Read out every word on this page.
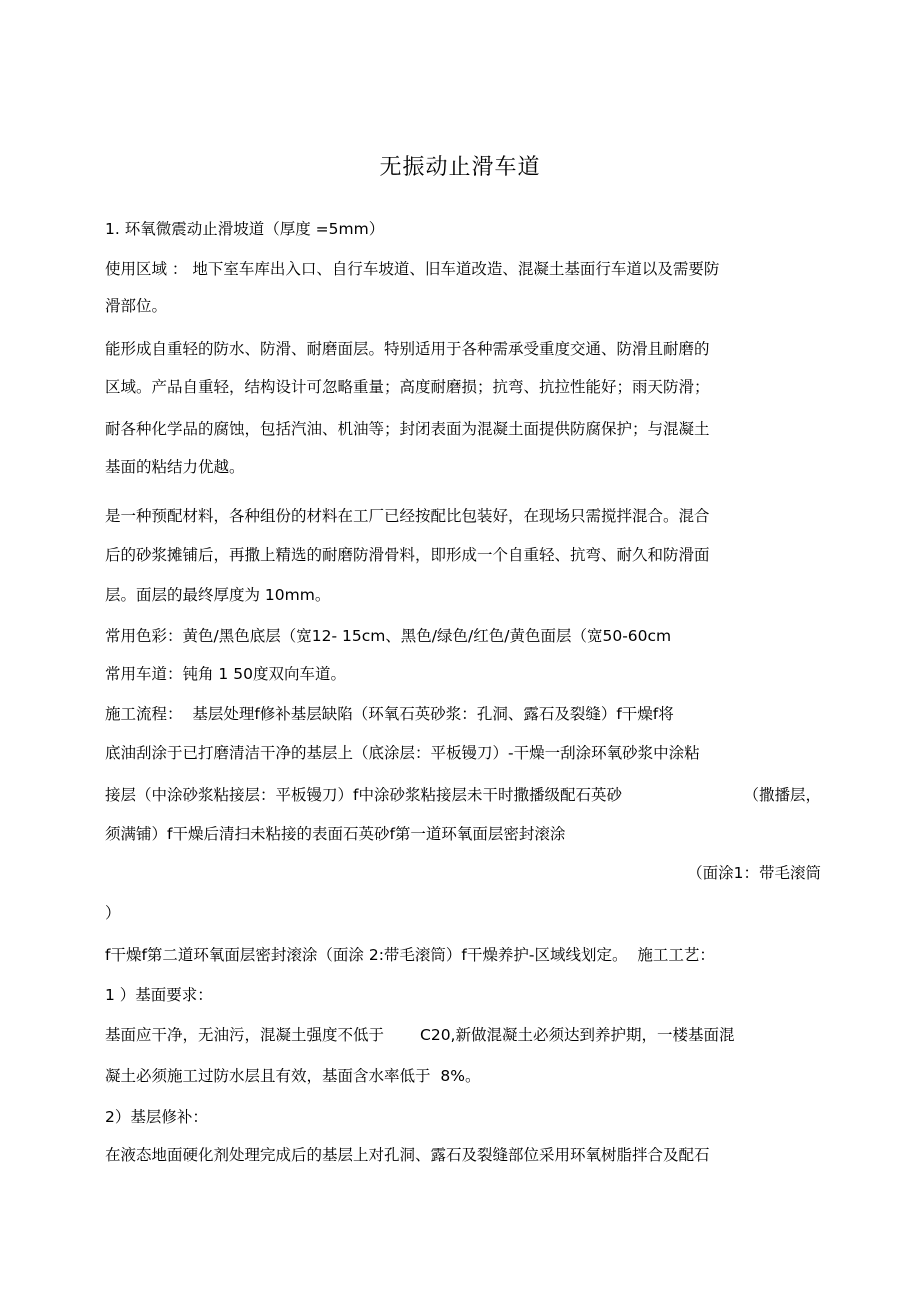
无振动止滑车道
1. 环氧微震动止滑坡道（厚度 =5mm）
使用区域 ： 地下室车库出入口、自行车坡道、旧车道改造、混凝土基面行车道以及需要防
滑部位。
能形成自重轻的防水、防滑、耐磨面层。特别适用于各种需承受重度交通、防滑且耐磨的
区域。产品自重轻，结构设计可忽略重量；高度耐磨损；抗弯、抗拉性能好；雨天防滑；
耐各种化学品的腐蚀，包括汽油、机油等；封闭表面为混凝土面提供防腐保护；与混凝土
基面的粘结力优越。
是一种预配材料，各种组份的材料在工厂已经按配比包装好，在现场只需搅拌混合。混合
后的砂浆摊铺后，再撒上精选的耐磨防滑骨料，即形成一个自重轻、抗弯、耐久和防滑面
层。面层的最终厚度为 10mm。
常用色彩：黄色/黑色底层（宽12- 15cm、黑色/绿色/红色/黄色面层（宽50-60cm
常用车道：钝角 1 50度双向车道。
施工流程：  基层处理f修补基层缺陷（环氧石英砂浆：孔洞、露石及裂缝）f干燥f将
底油刮涂于已打磨清洁干净的基层上（底涂层：平板镘刀）-干燥一刮涂环氧砂浆中涂粘
接层（中涂砂浆粘接层：平板镘刀）f中涂砂浆粘接层未干时撒播级配石英砂	（撒播层，
须满铺）f干燥后清扫未粘接的表面石英砂f第一道环氧面层密封滚涂
（面涂1：带毛滚筒
）
f干燥f第二道环氧面层密封滚涂（面涂 2:带毛滚筒）f干燥养护-区域线划定。  施工工艺：
1 ）基面要求：
基面应干净，无油污，混凝土强度不低于 C20,新做混凝土必须达到养护期，一楼基面混
凝土必须施工过防水层且有效，基面含水率低于  8%。
2）基层修补：
在液态地面硬化剂处理完成后的基层上对孔洞、露石及裂缝部位采用环氧树脂拌合及配石
